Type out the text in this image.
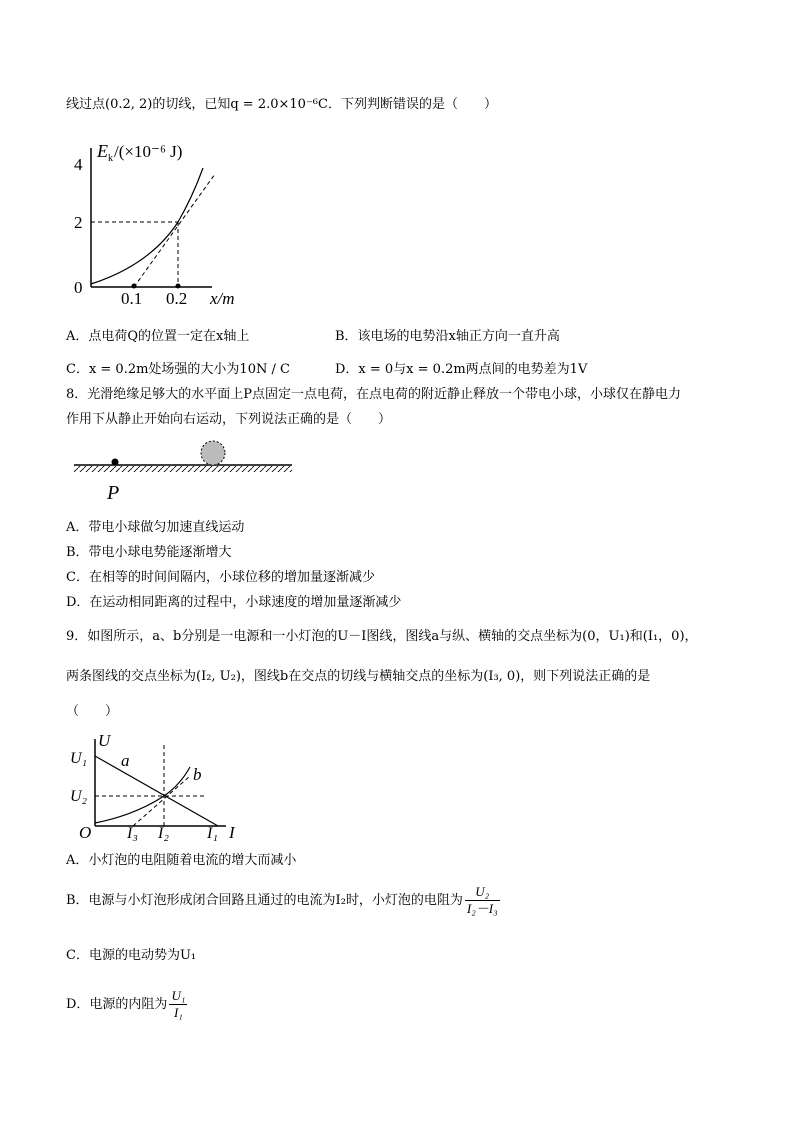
线过点(0.2, 2)的切线，已知q = 2.0×10⁻⁶C．下列判断错误的是（　　）
E k /(×10⁻⁶ J)
4
2
0
0.1 0.2 x/m
A．点电荷Q的位置一定在x轴上	B．该电场的电势沿x轴正方向一直升高
C．x = 0.2m处场强的大小为10N / C	D．x = 0与x = 0.2m两点间的电势差为1V
8．光滑绝缘足够大的水平面上P点固定一点电荷，在点电荷的附近静止释放一个带电小球，小球仅在静电力
作用下从静止开始向右运动，下列说法正确的是（　　）
P
A．带电小球做匀加速直线运动
B．带电小球电势能逐渐增大
C．在相等的时间间隔内，小球位移的增加量逐渐减少
D．在运动相同距离的过程中，小球速度的增加量逐渐减少
9．如图所示，a、b分别是一电源和一小灯泡的U－I图线，图线a与纵、横轴的交点坐标为(0，U₁)和(I₁，0)，
两条图线的交点坐标为(I₂, U₂)，图线b在交点的切线与横轴交点的坐标为(I₃, 0)，则下列说法正确的是
（　　）
U
I
O
U₁
U₂
I₃ I₂ I₁
a
b
A．小灯泡的电阻随着电流的增大而减小
B．电源与小灯泡形成闭合回路且通过的电流为I₂时，小灯泡的电阻为 $\frac{\text{U₂}}{\text{I₂－I₃}}$
C．电源的电动势为U₁
D．电源的内阻为 $\frac{\text{U₁}}{\text{I₁}}$
